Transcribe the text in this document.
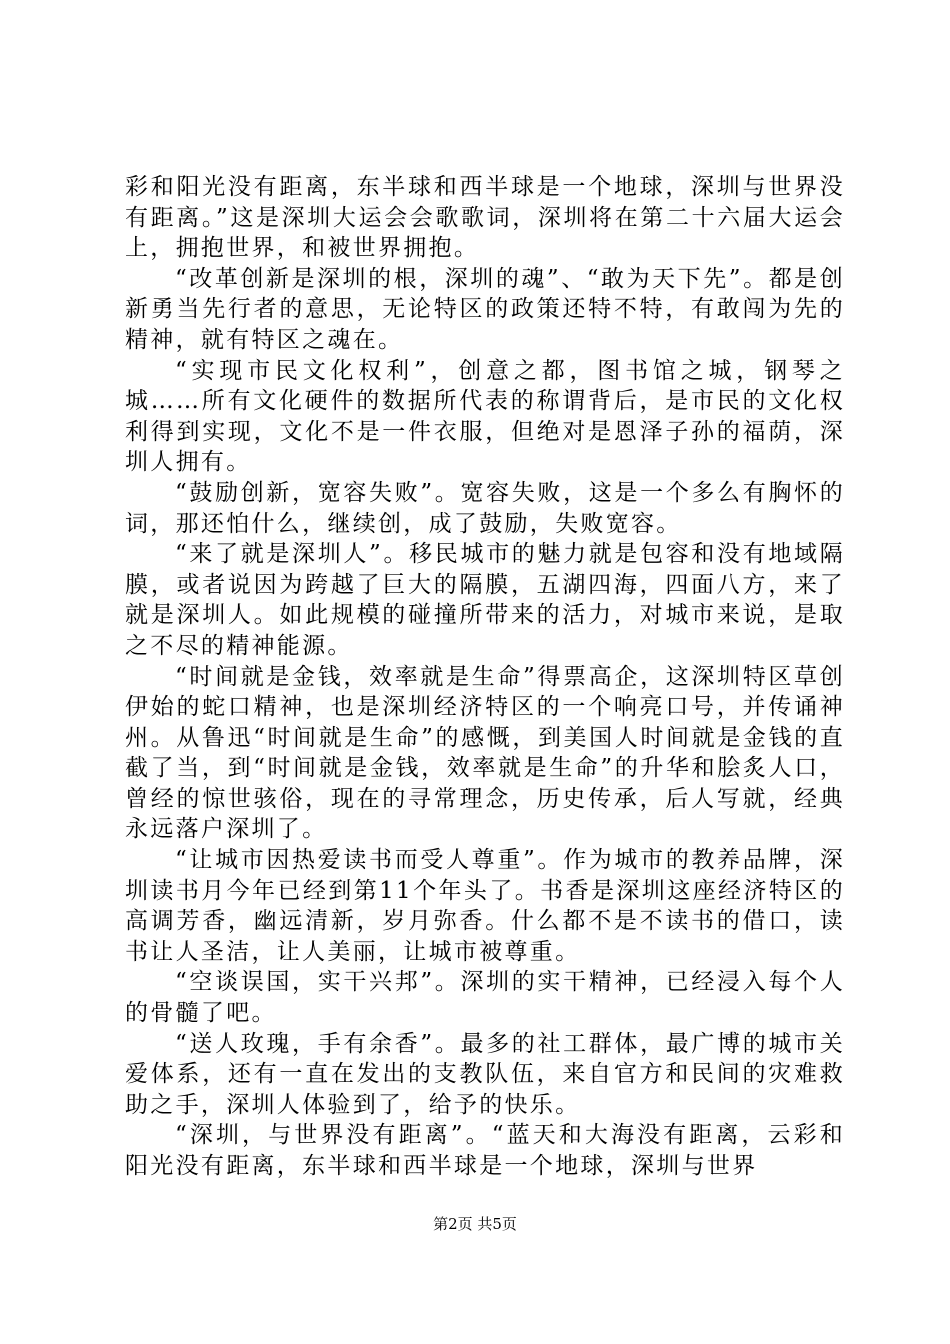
彩和阳光没有距离，东半球和西半球是一个地球，深圳与世界没有距离。”这是深圳大运会会歌歌词，深圳将在第二十六届大运会上，拥抱世界，和被世界拥抱。

“改革创新是深圳的根，深圳的魂”、“敢为天下先”。都是创新勇当先行者的意思，无论特区的政策还特不特，有敢闯为先的精神，就有特区之魂在。

“实现市民文化权利”，创意之都，图书馆之城，钢琴之城……所有文化硬件的数据所代表的称谓背后，是市民的文化权利得到实现，文化不是一件衣服，但绝对是恩泽子孙的福荫，深圳人拥有。

“鼓励创新，宽容失败”。宽容失败，这是一个多么有胸怀的词，那还怕什么，继续创，成了鼓励，失败宽容。

“来了就是深圳人”。移民城市的魅力就是包容和没有地域隔膜，或者说因为跨越了巨大的隔膜，五湖四海，四面八方，来了就是深圳人。如此规模的碰撞所带来的活力，对城市来说，是取之不尽的精神能源。

“时间就是金钱，效率就是生命”得票高企，这深圳特区草创伊始的蛇口精神，也是深圳经济特区的一个响亮口号，并传诵神州。从鲁迅“时间就是生命”的感慨，到美国人时间就是金钱的直截了当，到“时间就是金钱，效率就是生命”的升华和脍炙人口，曾经的惊世骇俗，现在的寻常理念，历史传承，后人写就，经典永远落户深圳了。

“让城市因热爱读书而受人尊重”。作为城市的教养品牌，深圳读书月今年已经到第11个年头了。书香是深圳这座经济特区的高调芳香，幽远清新，岁月弥香。什么都不是不读书的借口，读书让人圣洁，让人美丽，让城市被尊重。

“空谈误国，实干兴邦”。深圳的实干精神，已经浸入每个人的骨髓了吧。

“送人玫瑰，手有余香”。最多的社工群体，最广博的城市关爱体系，还有一直在发出的支教队伍，来自官方和民间的灾难救助之手，深圳人体验到了，给予的快乐。

“深圳，与世界没有距离”。“蓝天和大海没有距离，云彩和阳光没有距离，东半球和西半球是一个地球，深圳与世界

第2页 共5页
